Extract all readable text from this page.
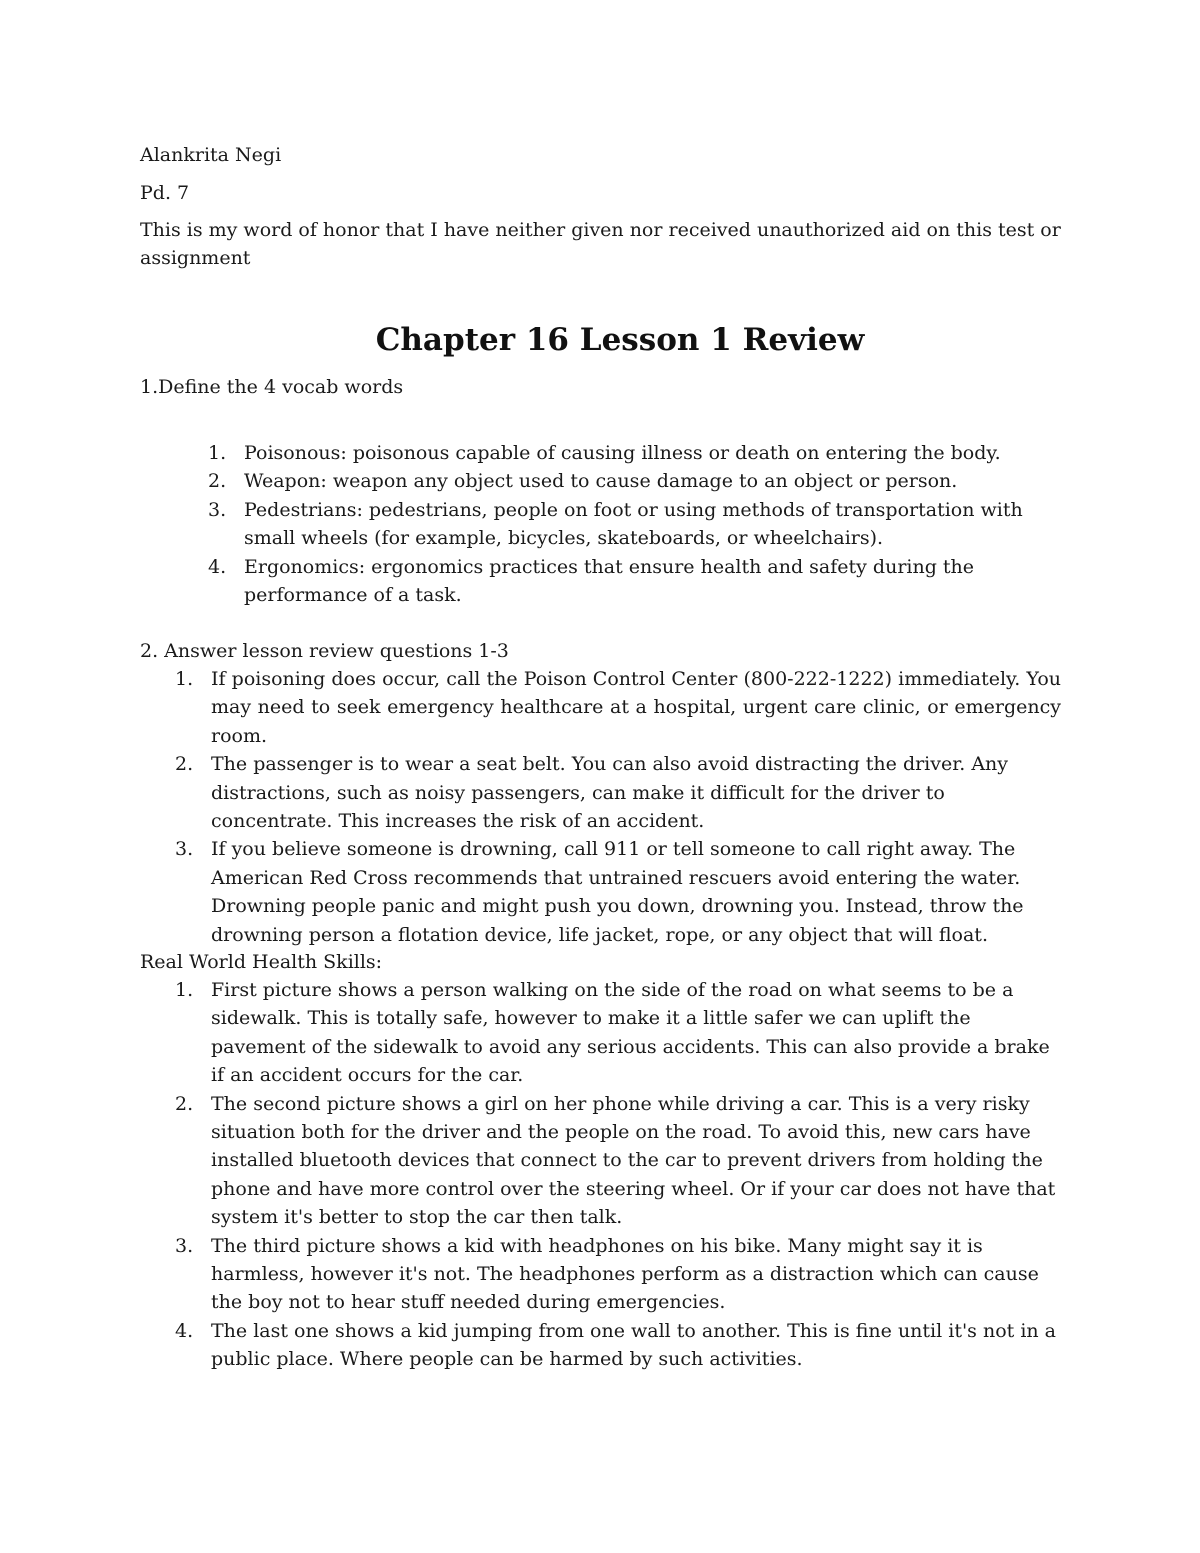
Alankrita Negi
Pd. 7
This is my word of honor that I have neither given nor received unauthorized aid on this test or
assignment
Chapter 16 Lesson 1 Review
1.Define the 4 vocab words
1. Poisonous: poisonous capable of causing illness or death on entering the body.
2. Weapon: weapon any object used to cause damage to an object or person.
3. Pedestrians: pedestrians, people on foot or using methods of transportation with small wheels (for example, bicycles, skateboards, or wheelchairs).
4. Ergonomics: ergonomics practices that ensure health and safety during the performance of a task.
2. Answer lesson review questions 1-3
1. If poisoning does occur, call the Poison Control Center (800-222-1222) immediately. You may need to seek emergency healthcare at a hospital, urgent care clinic, or emergency room.
2. The passenger is to wear a seat belt. You can also avoid distracting the driver. Any distractions, such as noisy passengers, can make it difficult for the driver to concentrate. This increases the risk of an accident.
3. If you believe someone is drowning, call 911 or tell someone to call right away. The American Red Cross recommends that untrained rescuers avoid entering the water. Drowning people panic and might push you down, drowning you. Instead, throw the drowning person a flotation device, life jacket, rope, or any object that will float.
Real World Health Skills:
1. First picture shows a person walking on the side of the road on what seems to be a sidewalk. This is totally safe, however to make it a little safer we can uplift the pavement of the sidewalk to avoid any serious accidents. This can also provide a brake if an accident occurs for the car.
2. The second picture shows a girl on her phone while driving a car. This is a very risky situation both for the driver and the people on the road. To avoid this, new cars have installed bluetooth devices that connect to the car to prevent drivers from holding the phone and have more control over the steering wheel. Or if your car does not have that system it's better to stop the car then talk.
3. The third picture shows a kid with headphones on his bike. Many might say it is harmless, however it's not. The headphones perform as a distraction which can cause the boy not to hear stuff needed during emergencies.
4. The last one shows a kid jumping from one wall to another. This is fine until it's not in a public place. Where people can be harmed by such activities.
